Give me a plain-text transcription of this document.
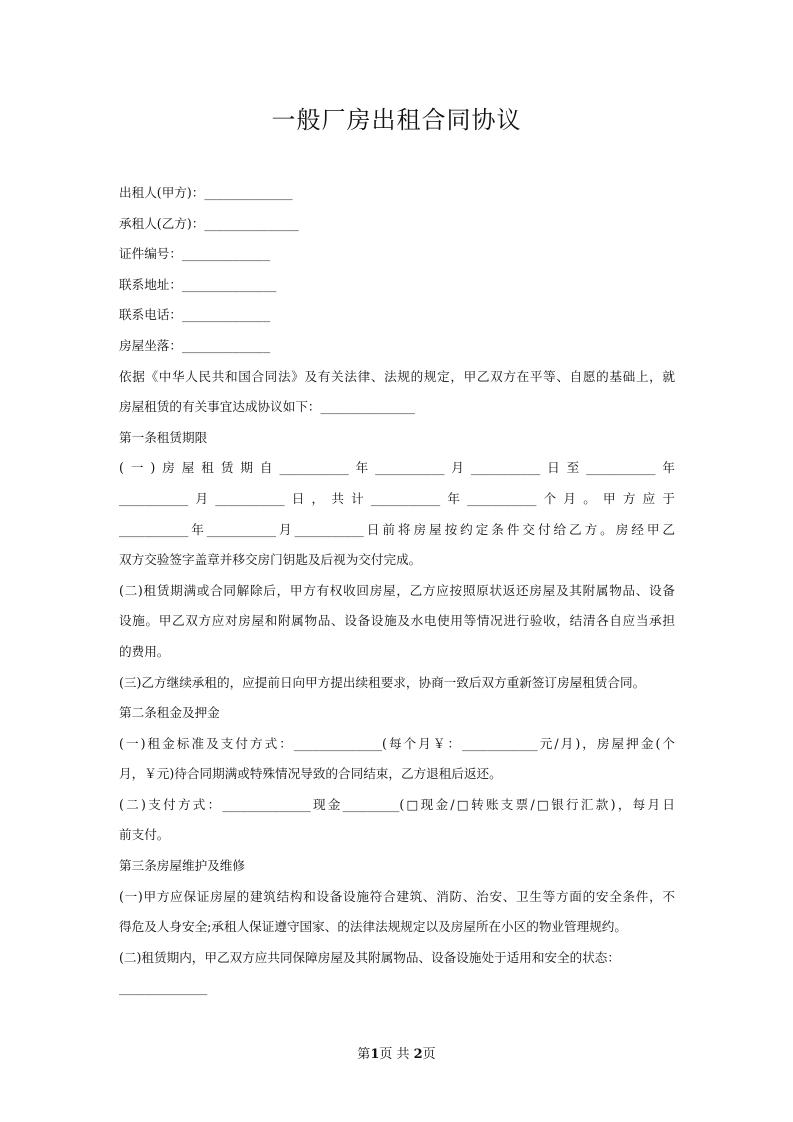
一般厂房出租合同协议
出租人(甲方)：______________
承租人(乙方)：_______________
证件编号：______________
联系地址：_______________
联系电话：______________
房屋坐落：______________
依据《中华人民共和国合同法》及有关法律、法规的规定，甲乙双方在平等、自愿的基础上，就
房屋租赁的有关事宜达成协议如下：_______________
第一条租赁期限
(一)房屋租赁期自___________年___________月___________日至___________年
___________月___________日，共计___________年___________个月。甲方应于
___________年___________月___________日前将房屋按约定条件交付给乙方。房经甲乙
双方交验签字盖章并移交房门钥匙及后视为交付完成。
(二)租赁期满或合同解除后，甲方有权收回房屋，乙方应按照原状返还房屋及其附属物品、设备
设施。甲乙双方应对房屋和附属物品、设备设施及水电使用等情况进行验收，结清各自应当承担
的费用。
(三)乙方继续承租的，应提前日向甲方提出续租要求，协商一致后双方重新签订房屋租赁合同。
第二条租金及押金
(一)租金标准及支付方式：______________(每个月￥：____________元/月)，房屋押金(个
月，￥元)待合同期满或特殊情况导致的合同结束，乙方退租后返还。
(二)支付方式：______________现金_________(□现金/□转账支票/□银行汇款)，每月日
前支付。
第三条房屋维护及维修
(一)甲方应保证房屋的建筑结构和设备设施符合建筑、消防、治安、卫生等方面的安全条件，不
得危及人身安全;承租人保证遵守国家、的法律法规规定以及房屋所在小区的物业管理规约。
(二)租赁期内，甲乙双方应共同保障房屋及其附属物品、设备设施处于适用和安全的状态：
______________
第1页 共 2页
